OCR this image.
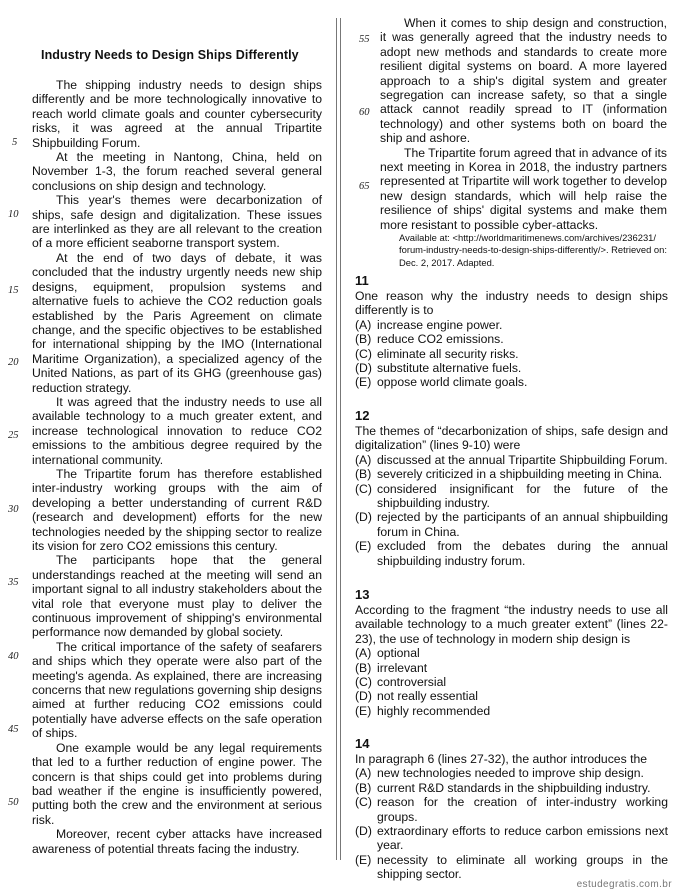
Industry Needs to Design Ships Differently

The shipping industry needs to design ships differently and be more technologically innovative to reach world climate goals and counter cybersecurity risks, it was agreed at the annual Tripartite Shipbuilding Forum.

At the meeting in Nantong, China, held on November 1-3, the forum reached several general conclusions on ship design and technology.

This year's themes were decarbonization of ships, safe design and digitalization. These issues are interlinked as they are all relevant to the creation of a more efficient seaborne transport system.

At the end of two days of debate, it was concluded that the industry urgently needs new ship designs, equipment, propulsion systems and alternative fuels to achieve the CO2 reduction goals established by the Paris Agreement on climate change, and the specific objectives to be established for international shipping by the IMO (International Maritime Organization), a specialized agency of the United Nations, as part of its GHG (greenhouse gas) reduction strategy.

It was agreed that the industry needs to use all available technology to a much greater extent, and increase technological innovation to reduce CO2 emissions to the ambitious degree required by the international community.

The Tripartite forum has therefore established inter-industry working groups with the aim of developing a better understanding of current R&D (research and development) efforts for the new technologies needed by the shipping sector to realize its vision for zero CO2 emissions this century.

The participants hope that the general understandings reached at the meeting will send an important signal to all industry stakeholders about the vital role that everyone must play to deliver the continuous improvement of shipping's environmental performance now demanded by global society.

The critical importance of the safety of seafarers and ships which they operate were also part of the meeting's agenda. As explained, there are increasing concerns that new regulations governing ship designs aimed at further reducing CO2 emissions could potentially have adverse effects on the safe operation of ships.

One example would be any legal requirements that led to a further reduction of engine power. The concern is that ships could get into problems during bad weather if the engine is insufficiently powered, putting both the crew and the environment at serious risk.

Moreover, recent cyber attacks have increased awareness of potential threats facing the industry.

5
10
15
20
25
30
35
40
45
50

When it comes to ship design and construction, it was generally agreed that the industry needs to adopt new methods and standards to create more resilient digital systems on board. A more layered approach to a ship's digital system and greater segregation can increase safety, so that a single attack cannot readily spread to IT (information technology) and other systems both on board the ship and ashore.

The Tripartite forum agreed that in advance of its next meeting in Korea in 2018, the industry partners represented at Tripartite will work together to develop new design standards, which will help raise the resilience of ships' digital systems and make them more resistant to possible cyber-attacks.

55
60
65
Available at: <http://worldmaritimenews.com/archives/236231/ forum-industry-needs-to-design-ships-differently/>. Retrieved on: Dec. 2, 2017. Adapted.
11
One reason why the industry needs to design ships differently is to
(A) increase engine power.
(B) reduce CO2 emissions.
(C) eliminate all security risks.
(D) substitute alternative fuels.
(E) oppose world climate goals.
12
The themes of “decarbonization of ships, safe design and digitalization” (lines 9-10) were
(A) discussed at the annual Tripartite Shipbuilding Forum.
(B) severely criticized in a shipbuilding meeting in China.
(C) considered insignificant for the future of the shipbuilding industry.
(D) rejected by the participants of an annual shipbuilding forum in China.
(E) excluded from the debates during the annual shipbuilding industry forum.
13
According to the fragment “the industry needs to use all available technology to a much greater extent” (lines 22-23), the use of technology in modern ship design is
(A) optional
(B) irrelevant
(C) controversial
(D) not really essential
(E) highly recommended
14
In paragraph 6 (lines 27-32), the author introduces the
(A) new technologies needed to improve ship design.
(B) current R&D standards in the shipbuilding industry.
(C) reason for the creation of inter-industry working groups.
(D) extraordinary efforts to reduce carbon emissions next year.
(E) necessity to eliminate all working groups in the shipping sector.
estudegratis.com.br
